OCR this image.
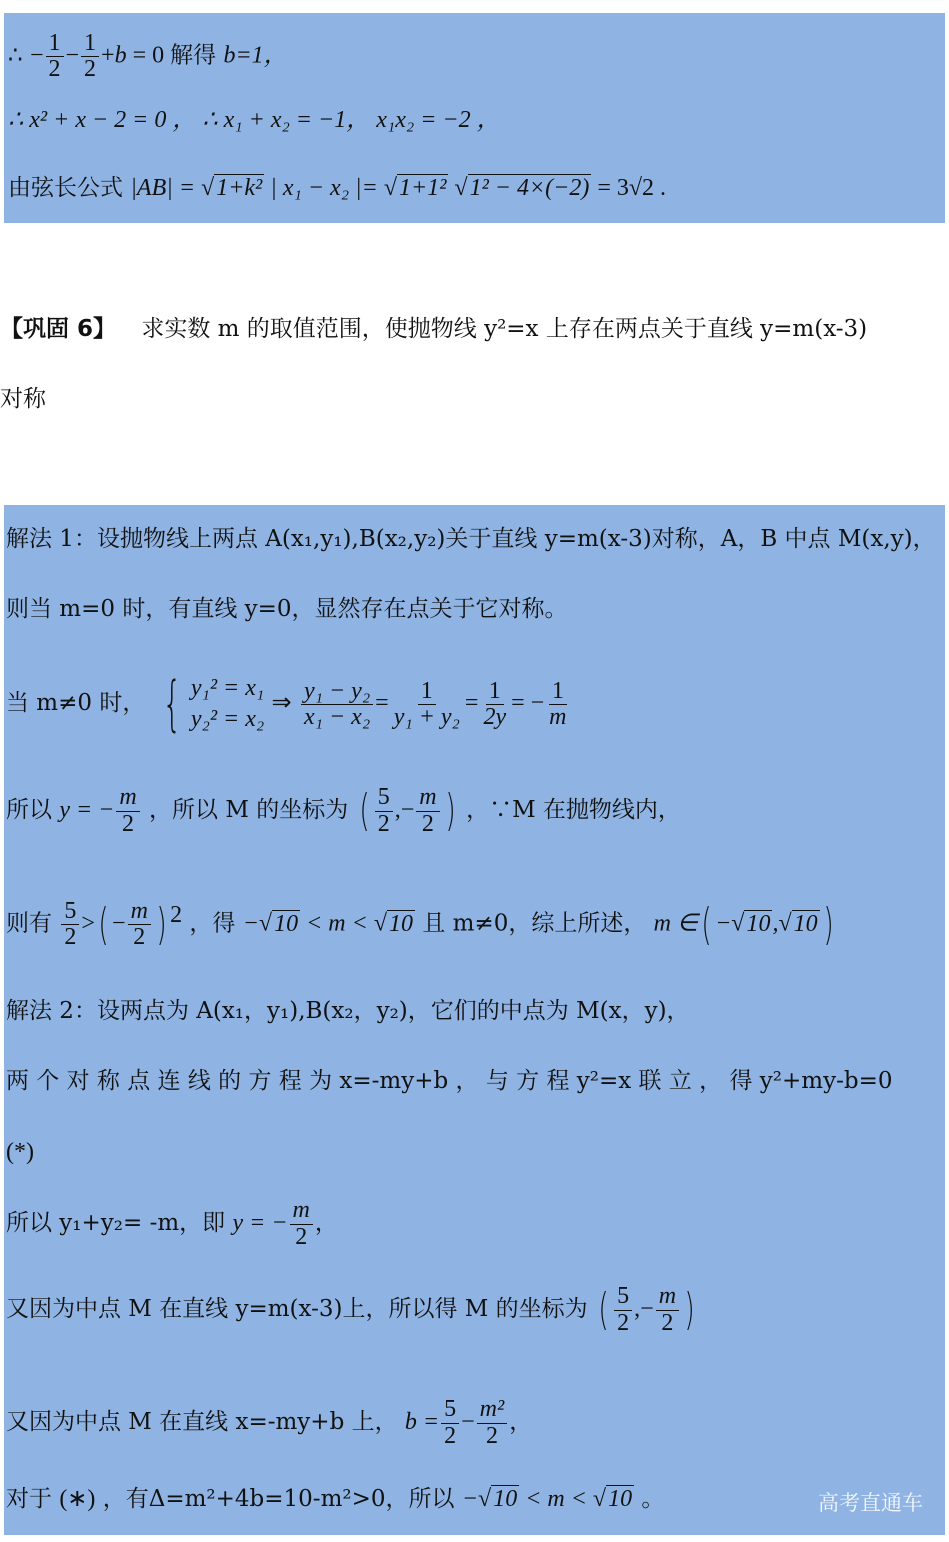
∴ − $\frac{1}{2} - \frac{1}{2} +b = 0$ 解得 b=1，
∴ x² + x − 2 = 0 ， ∴ x₁ + x₂ = −1， x₁x₂ = −2 ，
由弦长公式 |AB| = √1+k² | x₁ − x₂ |= √1+1² √1² − 4×(−2) = 3√2 .
【巩固 6】 求实数 m 的取值范围，使抛物线 y²=x 上存在两点关于直线 y=m(x-3)
对称
解法 1：设抛物线上两点 A(x₁,y₁),B(x₂,y₂)关于直线 y=m(x-3)对称，A，B 中点 M(x,y)，
则当 m=0 时，有直线 y=0，显然存在点关于它对称。
当 m≠0 时， { y₁² = x₁
y₂² = x₂
⇒ $\frac{\text{y₁ − y₂}}{\text{x₁ − x₂}} = \frac{1}{\text{y₁ + y₂}} = \frac{1}{2y}$ = − $\frac{1}{m}$
所以 y = − $\frac{m}{2}$ ，所以 M 的坐标为 ( $\frac{5}{2}$ ,− $\frac{m}{2}$ ) ，∵M 在抛物线内，
则有 $\frac{5}{2}$ >( − $\frac{m}{2}$ ) $^2$ ，得 −√10 < m < √10 且 m≠0，综上所述， m ∈( −√10,√10 )
解法 2：设两点为 A(x₁，y₁),B(x₂，y₂)，它们的中点为 M(x，y)，
两 个 对 称 点 连 线 的 方 程 为 x=-my+b ， 与 方 程 y²=x 联 立 ， 得 y²+my-b=0
(*)
所以 y₁+y₂= -m，即 y = − $\frac{m}{2}$ ，
又因为中点 M 在直线 y=m(x-3)上，所以得 M 的坐标为 ( $\frac{5}{2}$ ,− $\frac{m}{2}$ )
又因为中点 M 在直线 x=-my+b 上， $b = \frac{5}{2} - \frac{\text{m²}}{2}$ ，
对于 (∗) ，有Δ=m²+4b=10-m²>0，所以 −√10 < m < √10 。	高考直通车
